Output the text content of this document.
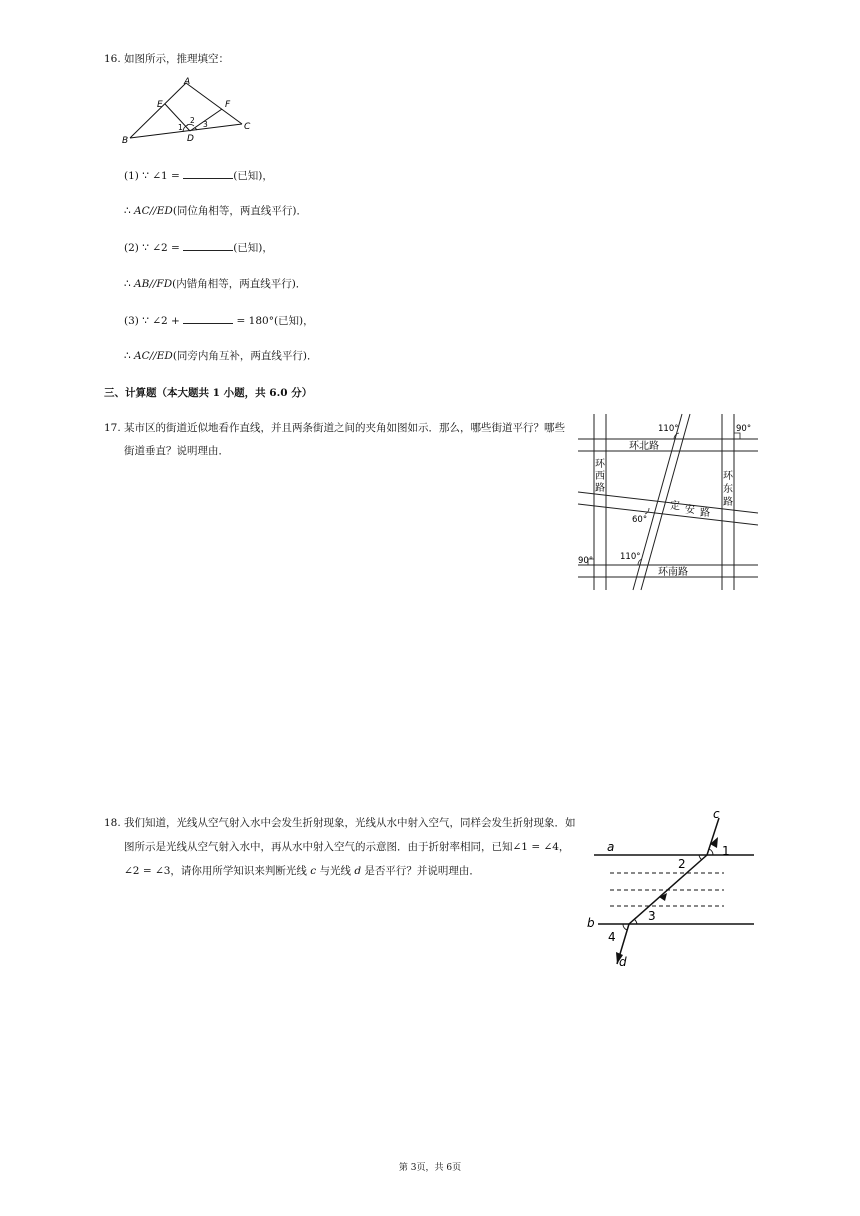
16. 如图所示，推理填空：
A
B
C
D
E	F
1
2 3
(1) ∵ ∠1 =	(已知)，
∴ AC//ED(同位角相等，两直线平行)．
(2) ∵ ∠2 =	(已知)，
∴ AB//FD(内错角相等，两直线平行)．
(3) ∵ ∠2 +	= 180°(已知)，
∴ AC//ED(同旁内角互补，两直线平行)．
三、计算题（本大题共 1 小题，共 6.0 分）
17. 某市区的街道近似地看作直线，并且两条街道之间的夹角如图如示．那么，哪些街道平行？哪些
街道垂直？说明理由．
110°	90°
环北路
环
西
路
环
东
路
定 安 路
60°
90°	110°
环南路
18. 我们知道，光线从空气射入水中会发生折射现象，光线从水中射入空气，同样会发生折射现象．如
图所示是光线从空气射入水中，再从水中射入空气的示意图．由于折射率相同，已知∠1 = ∠4，
∠2 = ∠3，请你用所学知识来判断光线 c 与光线 d 是否平行？并说明理由．
c
a	1
2
3
b
4
d
第 3页，共 6页
